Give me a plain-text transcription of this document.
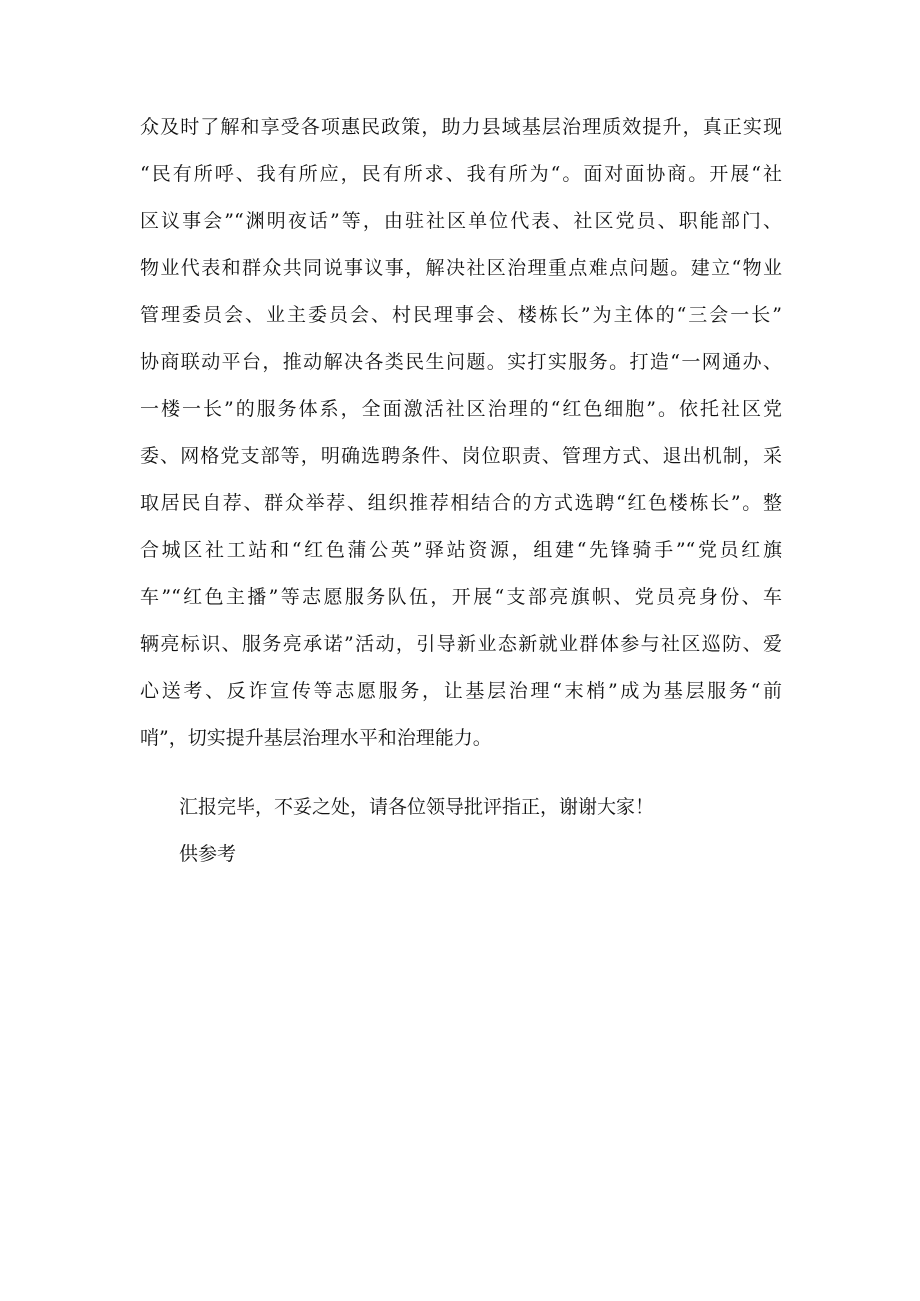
众及时了解和享受各项惠民政策，助力县域基层治理质效提升，真正实现
“民有所呼、我有所应，民有所求、我有所为“。面对面协商。开展“社
区议事会”“渊明夜话”等，由驻社区单位代表、社区党员、职能部门、
物业代表和群众共同说事议事，解决社区治理重点难点问题。建立“物业
管理委员会、业主委员会、村民理事会、楼栋长”为主体的“三会一长”
协商联动平台，推动解决各类民生问题。实打实服务。打造“一网通办、
一楼一长”的服务体系，全面激活社区治理的“红色细胞”。依托社区党
委、网格党支部等，明确选聘条件、岗位职责、管理方式、退出机制，采
取居民自荐、群众举荐、组织推荐相结合的方式选聘“红色楼栋长”。整
合城区社工站和“红色蒲公英”驿站资源，组建“先锋骑手”“党员红旗
车”“红色主播”等志愿服务队伍，开展“支部亮旗帜、党员亮身份、车
辆亮标识、服务亮承诺”活动，引导新业态新就业群体参与社区巡防、爱
心送考、反诈宣传等志愿服务，让基层治理“末梢”成为基层服务“前
哨”，切实提升基层治理水平和治理能力。
汇报完毕，不妥之处，请各位领导批评指正，谢谢大家！
供参考
